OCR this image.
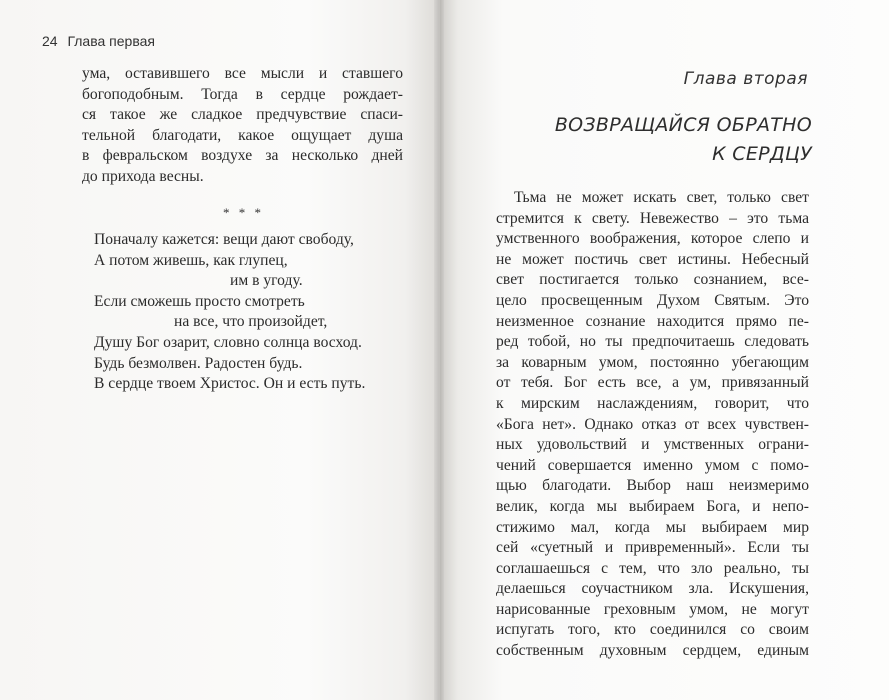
24 Глава первая
ума, оставившего все мысли и ставшего
богоподобным. Тогда в сердце рождает-
ся такое же сладкое предчувствие спаси-
тельной благодати, какое ощущает душа
в февральском воздухе за несколько дней
до прихода весны.
* * *
Поначалу кажется: вещи дают свободу,
А потом живешь, как глупец,
им в угоду.
Если сможешь просто смотреть
на все, что произойдет,
Душу Бог озарит, словно солнца восход.
Будь безмолвен. Радостен будь.
В сердце твоем Христос. Он и есть путь.
Глава вторая
ВОЗВРАЩАЙСЯ ОБРАТНО
К СЕРДЦУ
Тьма не может искать свет, только свет
стремится к свету. Невежество – это тьма
умственного воображения, которое слепо и
не может постичь свет истины. Небесный
свет постигается только сознанием, все-
цело просвещенным Духом Святым. Это
неизменное сознание находится прямо пе-
ред тобой, но ты предпочитаешь следовать
за коварным умом, постоянно убегающим
от тебя. Бог есть все, а ум, привязанный
к мирским наслаждениям, говорит, что
«Бога нет». Однако отказ от всех чувствен-
ных удовольствий и умственных ограни-
чений совершается именно умом с помо-
щью благодати. Выбор наш неизмеримо
велик, когда мы выбираем Бога, и непо-
стижимо мал, когда мы выбираем мир
сей «суетный и привременный». Если ты
соглашаешься с тем, что зло реально, ты
делаешься соучастником зла. Искушения,
нарисованные греховным умом, не могут
испугать того, кто соединился со своим
собственным духовным сердцем, единым
